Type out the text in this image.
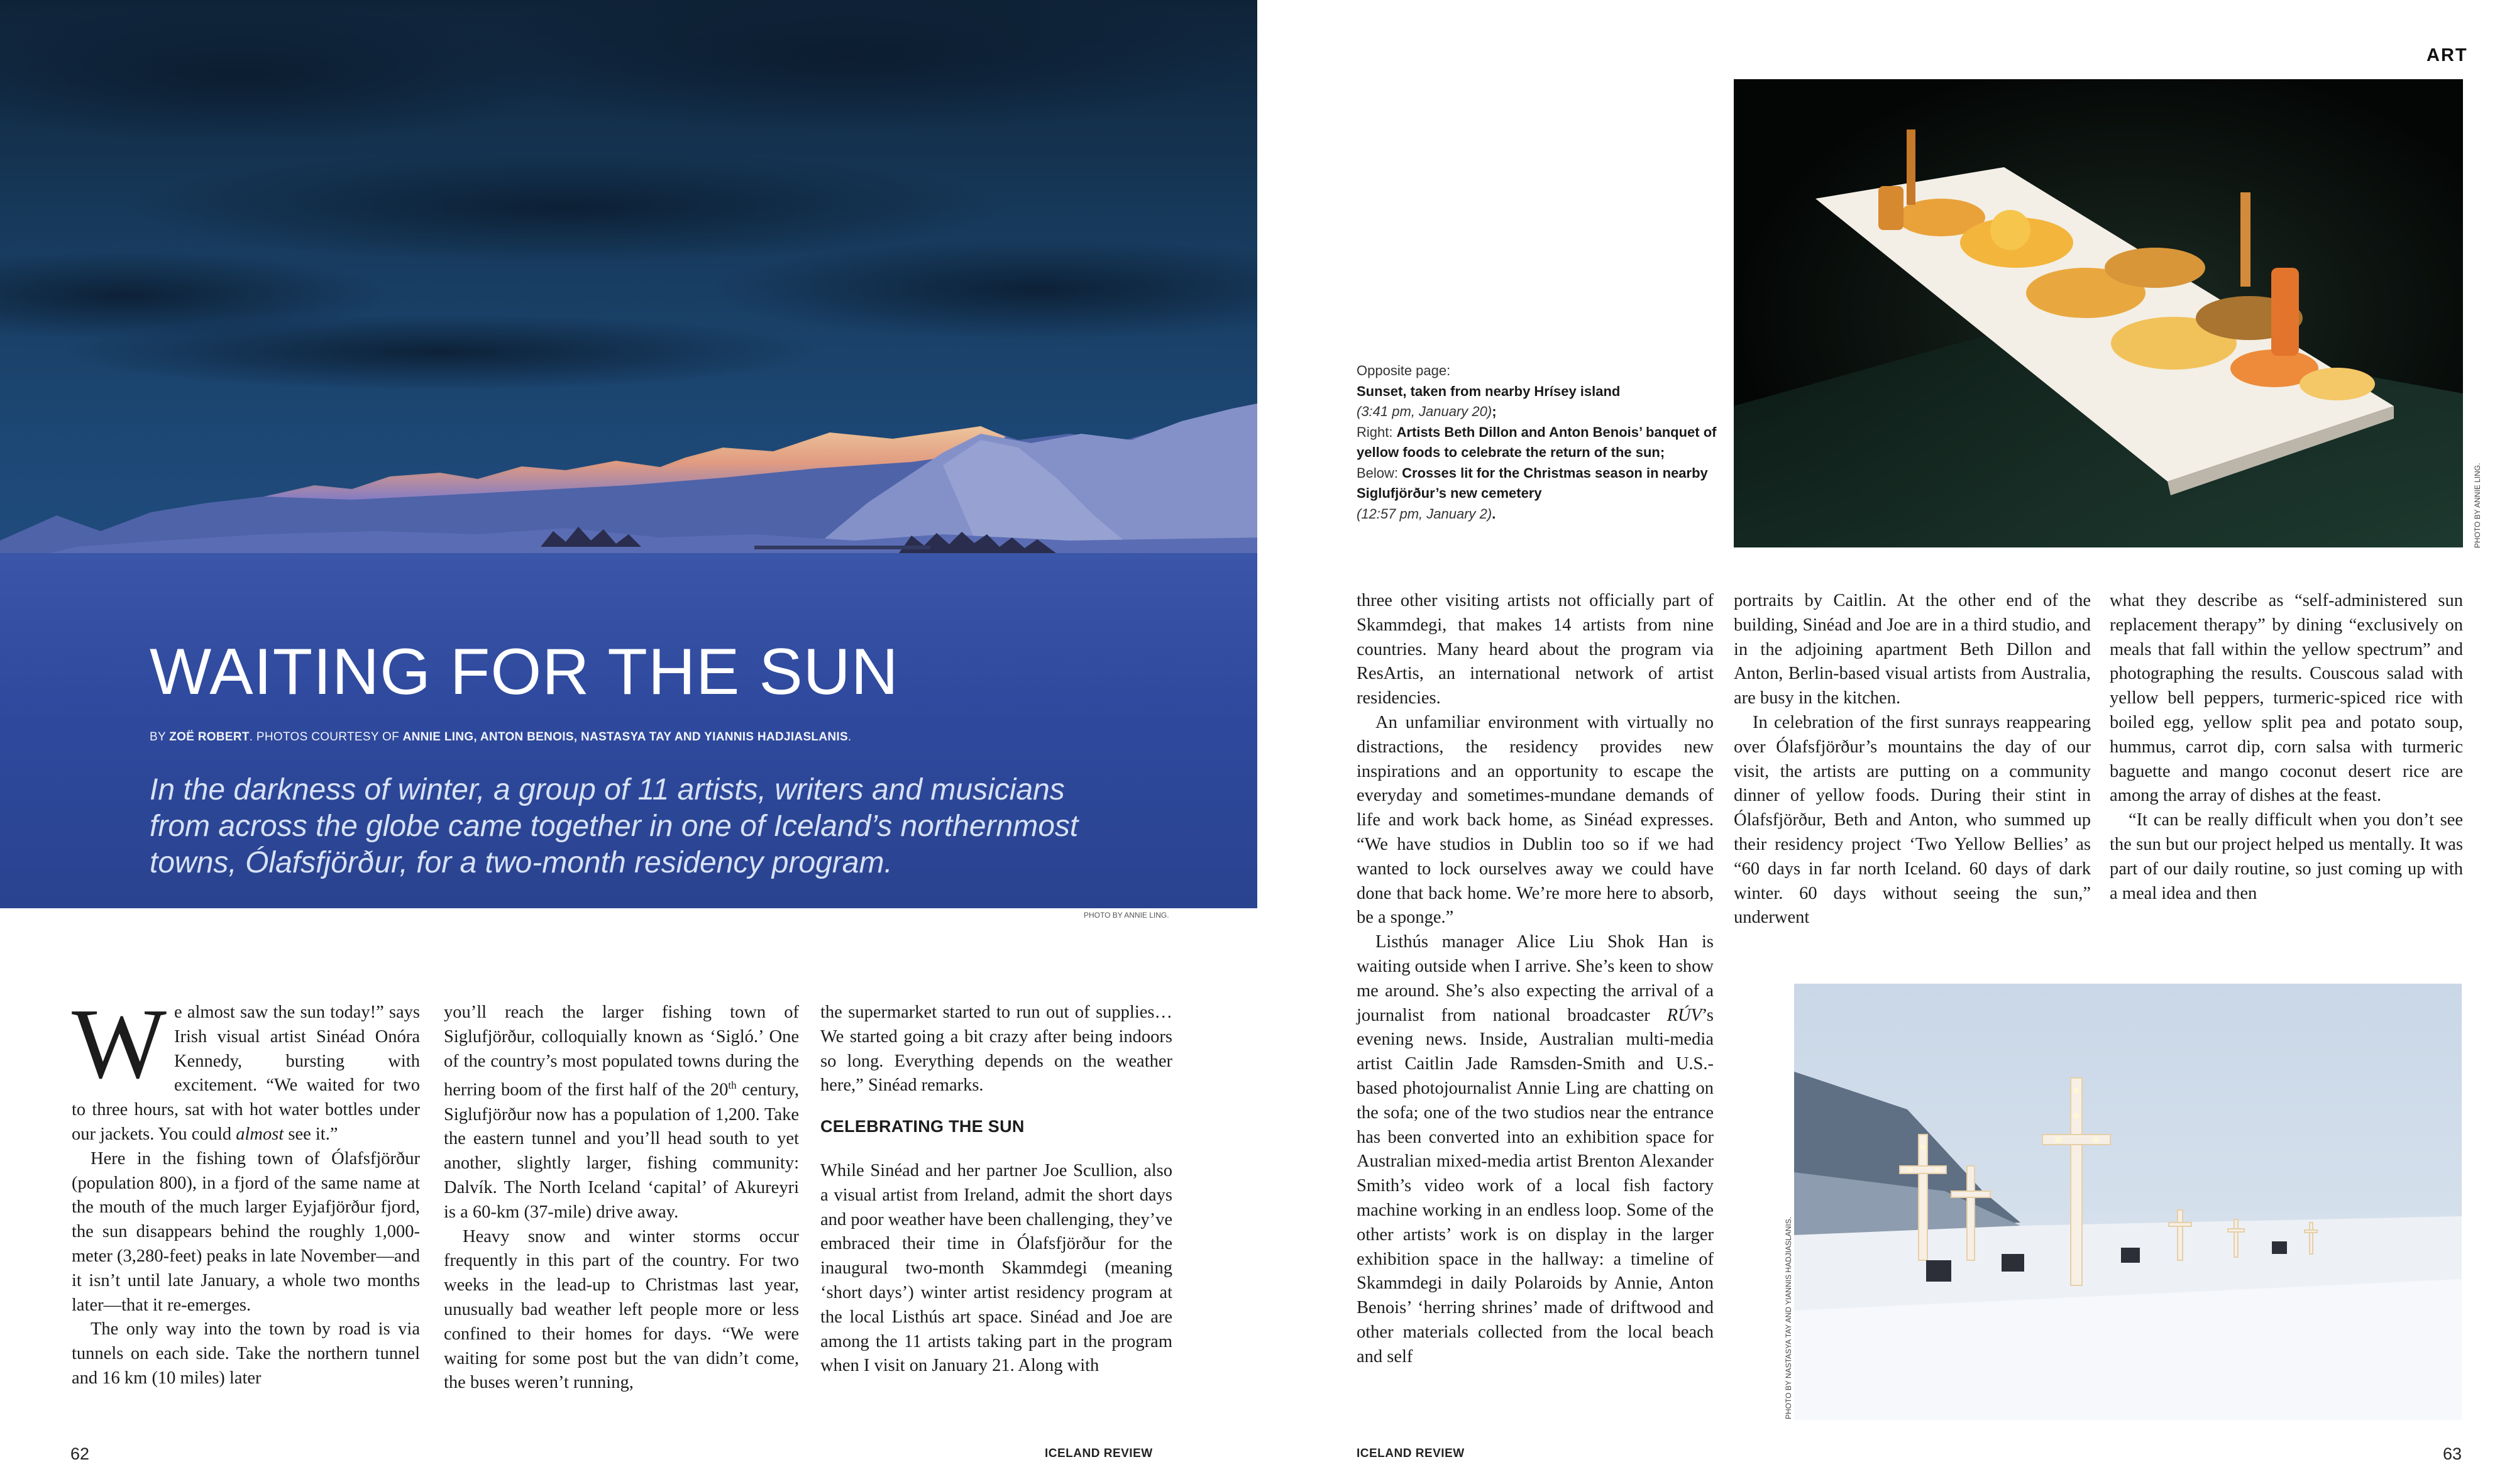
WAITING FOR THE SUN
BY ZOË ROBERT. PHOTOS COURTESY OF ANNIE LING, ANTON BENOIS, NASTASYA TAY AND YIANNIS HADJIASLANIS.
In the darkness of winter, a group of 11 artists, writers and musicians from across the globe came together in one of Iceland’s northernmost towns, Ólafsfjörður, for a two-month residency program.
PHOTO BY ANNIE LING.

We almost saw the sun today!” says Irish visual artist Sinéad Onóra Kennedy, bursting with excitement. “We waited for two to three hours, sat with hot water bottles under our jackets. You could almost see it.”

Here in the fishing town of Ólafsfjörður (population 800), in a fjord of the same name at the mouth of the much larger Eyjafjörður fjord, the sun disappears behind the roughly 1,000-meter (3,280-feet) peaks in late November—and it isn’t until late January, a whole two months later—that it re-emerges.

The only way into the town by road is via tunnels on each side. Take the northern tunnel and 16 km (10 miles) later

you’ll reach the larger fishing town of Siglufjörður, colloquially known as ‘Sigló.’ One of the country’s most populated towns during the herring boom of the first half of the 20th century, Siglufjörður now has a population of 1,200. Take the eastern tunnel and you’ll head south to yet another, slightly larger, fishing community: Dalvík. The North Iceland ‘capital’ of Akureyri is a 60-km (37-mile) drive away.

Heavy snow and winter storms occur frequently in this part of the country. For two weeks in the lead-up to Christmas last year, unusually bad weather left people more or less confined to their homes for days. “We were waiting for some post but the van didn’t come, the buses weren’t running,

the supermarket started to run out of supplies… We started going a bit crazy after being indoors so long. Everything depends on the weather here,” Sinéad remarks.

CELEBRATING THE SUN

While Sinéad and her partner Joe Scullion, also a visual artist from Ireland, admit the short days and poor weather have been challenging, they’ve embraced their time in Ólafsfjörður for the inaugural two-month Skammdegi (meaning ‘short days’) winter artist residency program at the local Listhús art space. Sinéad and Joe are among the 11 artists taking part in the program when I visit on January 21. Along with

62	ICELAND REVIEW
ART
Opposite page:
Sunset, taken from nearby Hrísey island
(3:41 pm, January 20);
Right: Artists Beth Dillon and Anton Benois’ banquet of yellow foods to celebrate the return of the sun;
Below: Crosses lit for the Christmas season in nearby Siglufjörður’s new cemetery
(12:57 pm, January 2).	PHOTO BY ANNIE LING.

three other visiting artists not officially part of Skammdegi, that makes 14 artists from nine countries. Many heard about the program via ResArtis, an international network of artist residencies.

An unfamiliar environment with virtually no distractions, the residency provides new inspirations and an opportunity to escape the everyday and sometimes-mundane demands of life and work back home, as Sinéad expresses. “We have studios in Dublin too so if we had wanted to lock ourselves away we could have done that back home. We’re more here to absorb, be a sponge.”

Listhús manager Alice Liu Shok Han is waiting outside when I arrive. She’s keen to show me around. She’s also expecting the arrival of a journalist from national broadcaster RÚV’s evening news. Inside, Australian multi-media artist Caitlin Jade Ramsden-Smith and U.S.-based photojournalist Annie Ling are chatting on the sofa; one of the two studios near the entrance has been converted into an exhibition space for Australian mixed-media artist Brenton Alexander Smith’s video work of a local fish factory machine working in an endless loop. Some of the other artists’ work is on display in the larger exhibition space in the hallway: a timeline of Skammdegi in daily Polaroids by Annie, Anton Benois’ ‘herring shrines’ made of driftwood and other materials collected from the local beach and self

portraits by Caitlin. At the other end of the building, Sinéad and Joe are in a third studio, and in the adjoining apartment Beth Dillon and Anton, Berlin-based visual artists from Australia, are busy in the kitchen.

In celebration of the first sunrays reappearing over Ólafsfjörður’s mountains the day of our visit, the artists are putting on a community dinner of yellow foods. During their stint in Ólafsfjörður, Beth and Anton, who summed up their residency project ‘Two Yellow Bellies’ as “60 days in far north Iceland. 60 days of dark winter. 60 days without seeing the sun,” underwent

what they describe as “self-administered sun replacement therapy” by dining “exclusively on meals that fall within the yellow spectrum” and photographing the results. Couscous salad with yellow bell peppers, turmeric-spiced rice with boiled egg, yellow split pea and potato soup, hummus, carrot dip, corn salsa with turmeric baguette and mango coconut desert rice are among the array of dishes at the feast.

“It can be really difficult when you don’t see the sun but our project helped us mentally. It was part of our daily routine, so just coming up with a meal idea and then

PHOTO BY NASTASYA TAY AND YIANNIS HADJIASLANIS.
ICELAND REVIEW	63
